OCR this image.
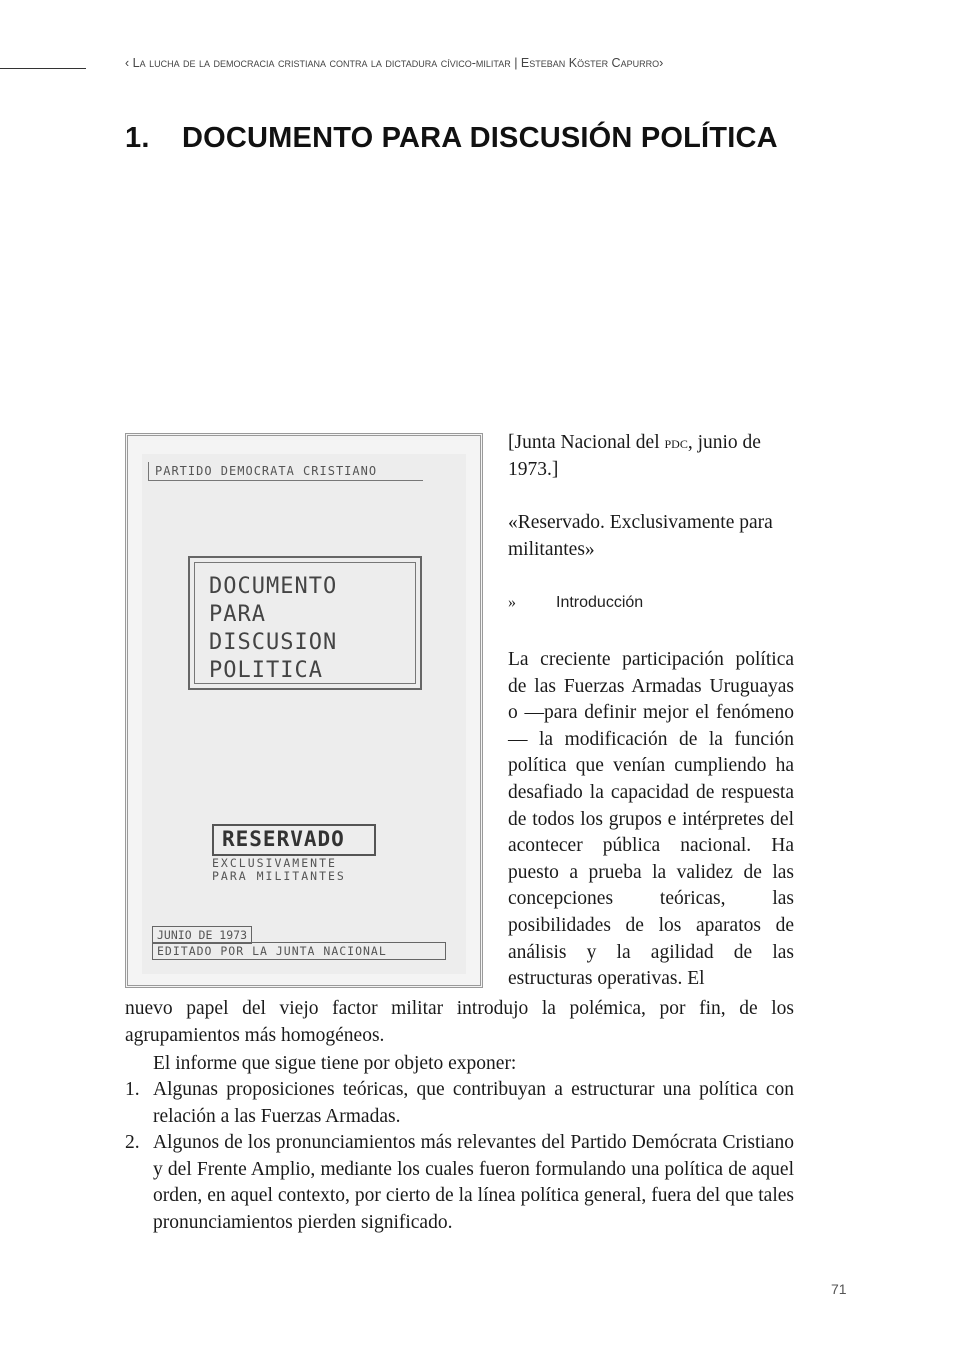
‹ La lucha de la democracia cristiana contra la dictadura cívico-militar | Esteban Köster Capurro›
1. DOCUMENTO PARA DISCUSIÓN POLÍTICA
PARTIDO DEMOCRATA CRISTIANO
DOCUMENTO
PARA
DISCUSION
POLITICA
RESERVADO
EXCLUSIVAMENTE
PARA MILITANTES
JUNIO DE 1973
EDITADO POR LA JUNTA NACIONAL
[Junta Nacional del pdc, junio de 1973.]
«Reservado. Exclusivamente para militantes»
»	Introducción
La creciente participación política de las Fuerzas Armadas Uruguayas o —para definir mejor el fenómeno— la modificación de la función política que venían cumpliendo ha desafiado la capacidad de respuesta de todos los grupos e intérpretes del acontecer pública nacional. Ha puesto a prueba la validez de las concepciones teóricas, las posibilidades de los aparatos de análisis y la agilidad de las estructuras operativas. El
nuevo papel del viejo factor militar introdujo la polémica, por fin, de los agrupamientos más homogéneos.
El informe que sigue tiene por objeto exponer:
1. Algunas proposiciones teóricas, que contribuyan a estructurar una política con relación a las Fuerzas Armadas.
2. Algunos de los pronunciamientos más relevantes del Partido Demócrata Cristiano y del Frente Amplio, mediante los cuales fueron formulando una política de aquel orden, en aquel contexto, por cierto de la línea política general, fuera del que tales pronunciamientos pierden significado.
71
